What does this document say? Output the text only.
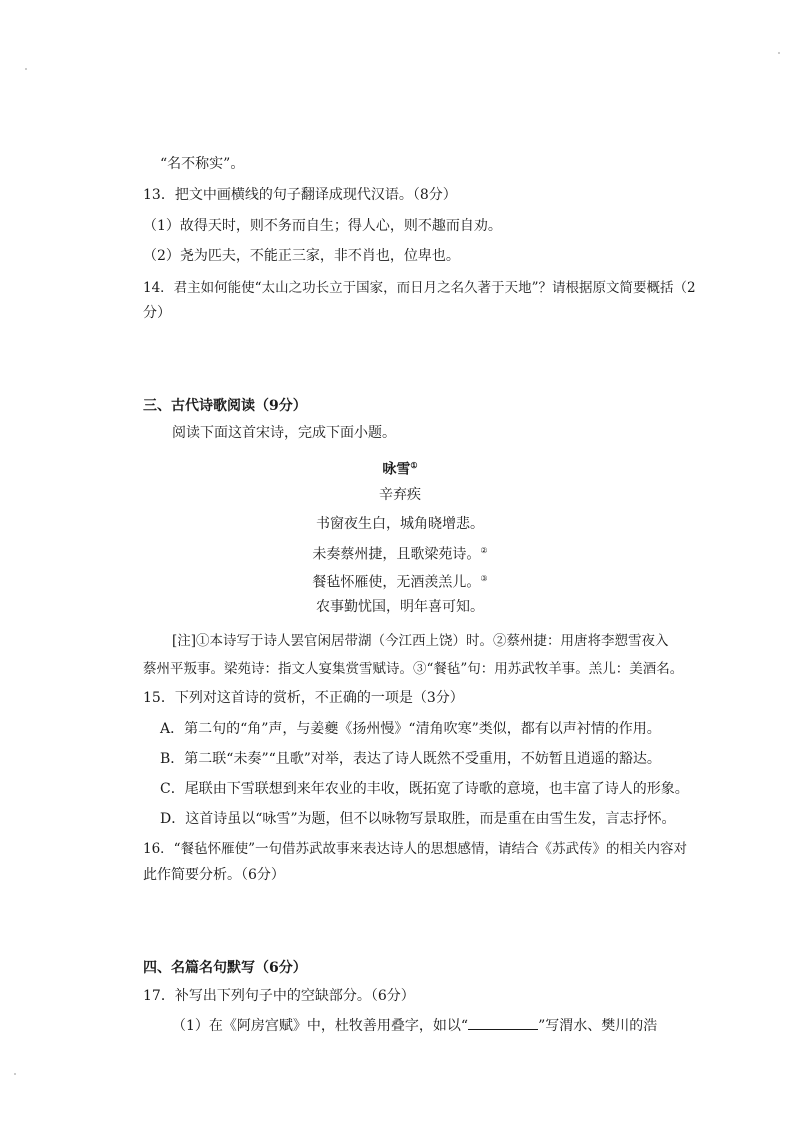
“名不称实”。
13．把文中画横线的句子翻译成现代汉语。（8分）
（1）故得天时，则不务而自生；得人心，则不趣而自劝。
（2）尧为匹夫，不能正三家，非不肖也，位卑也。
14．君主如何能使“太山之功长立于国家，而日月之名久著于天地”？请根据原文简要概括（2
分）
三、古代诗歌阅读（9分）
阅读下面这首宋诗，完成下面小题。
咏雪①
辛弃疾
书窗夜生白，城角晓增悲。
未奏蔡州捷，且歌梁苑诗。②
餐毡怀雁使，无酒羡羔儿。③
农事勤忧国，明年喜可知。
[注]①本诗写于诗人罢官闲居带湖（今江西上饶）时。②蔡州捷：用唐将李愬雪夜入
蔡州平叛事。梁苑诗：指文人宴集赏雪赋诗。③“餐毡”句：用苏武牧羊事。羔儿：美酒名。
15．下列对这首诗的赏析，不正确的一项是（3分）
A．第二句的“角”声，与姜夔《扬州慢》“清角吹寒”类似，都有以声衬情的作用。
B．第二联“未奏”“且歌”对举，表达了诗人既然不受重用，不妨暂且逍遥的豁达。
C．尾联由下雪联想到来年农业的丰收，既拓宽了诗歌的意境，也丰富了诗人的形象。
D．这首诗虽以“咏雪”为题，但不以咏物写景取胜，而是重在由雪生发，言志抒怀。
16．“餐毡怀雁使”一句借苏武故事来表达诗人的思想感情，请结合《苏武传》的相关内容对
此作简要分析。（6分）
四、名篇名句默写（6分）
17．补写出下列句子中的空缺部分。（6分）
（1）在《阿房宫赋》中，杜牧善用叠字，如以“	”写渭水、樊川的浩
